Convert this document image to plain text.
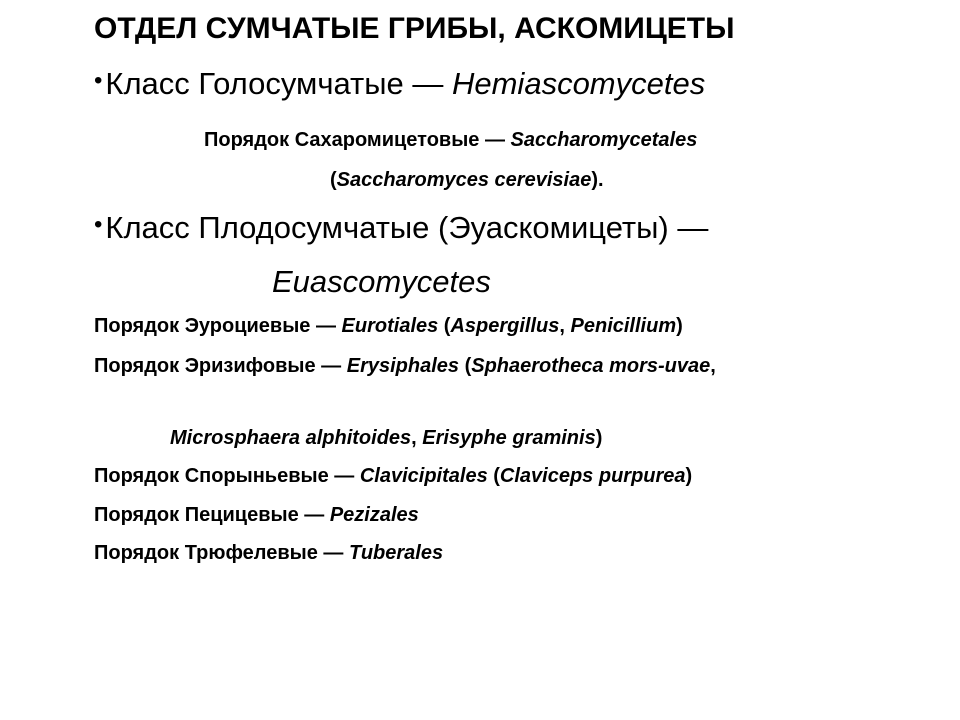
ОТДЕЛ СУМЧАТЫЕ ГРИБЫ, АСКОМИЦЕТЫ
•Класс Голосумчатые — Hemiascomycetes
Порядок Сахаромицетовые — Saccharomycetales
(Saccharomyces cerevisiae).
•Класс Плодосумчатые (Эуаскомицеты) —
Euascomycetes
Порядок Эуроциевые — Eurotiales (Aspergillus, Penicillium)
Порядок Эризифовые — Erysiphales (Sphaerotheca mors-uvae,
Microsphaera alphitoides, Erisyphe graminis)
Порядок Спорыньевые — Clavicipitales (Claviceps purpurea)
Порядок Пецицевые — Pezizales
Порядок Трюфелевые — Tuberales
